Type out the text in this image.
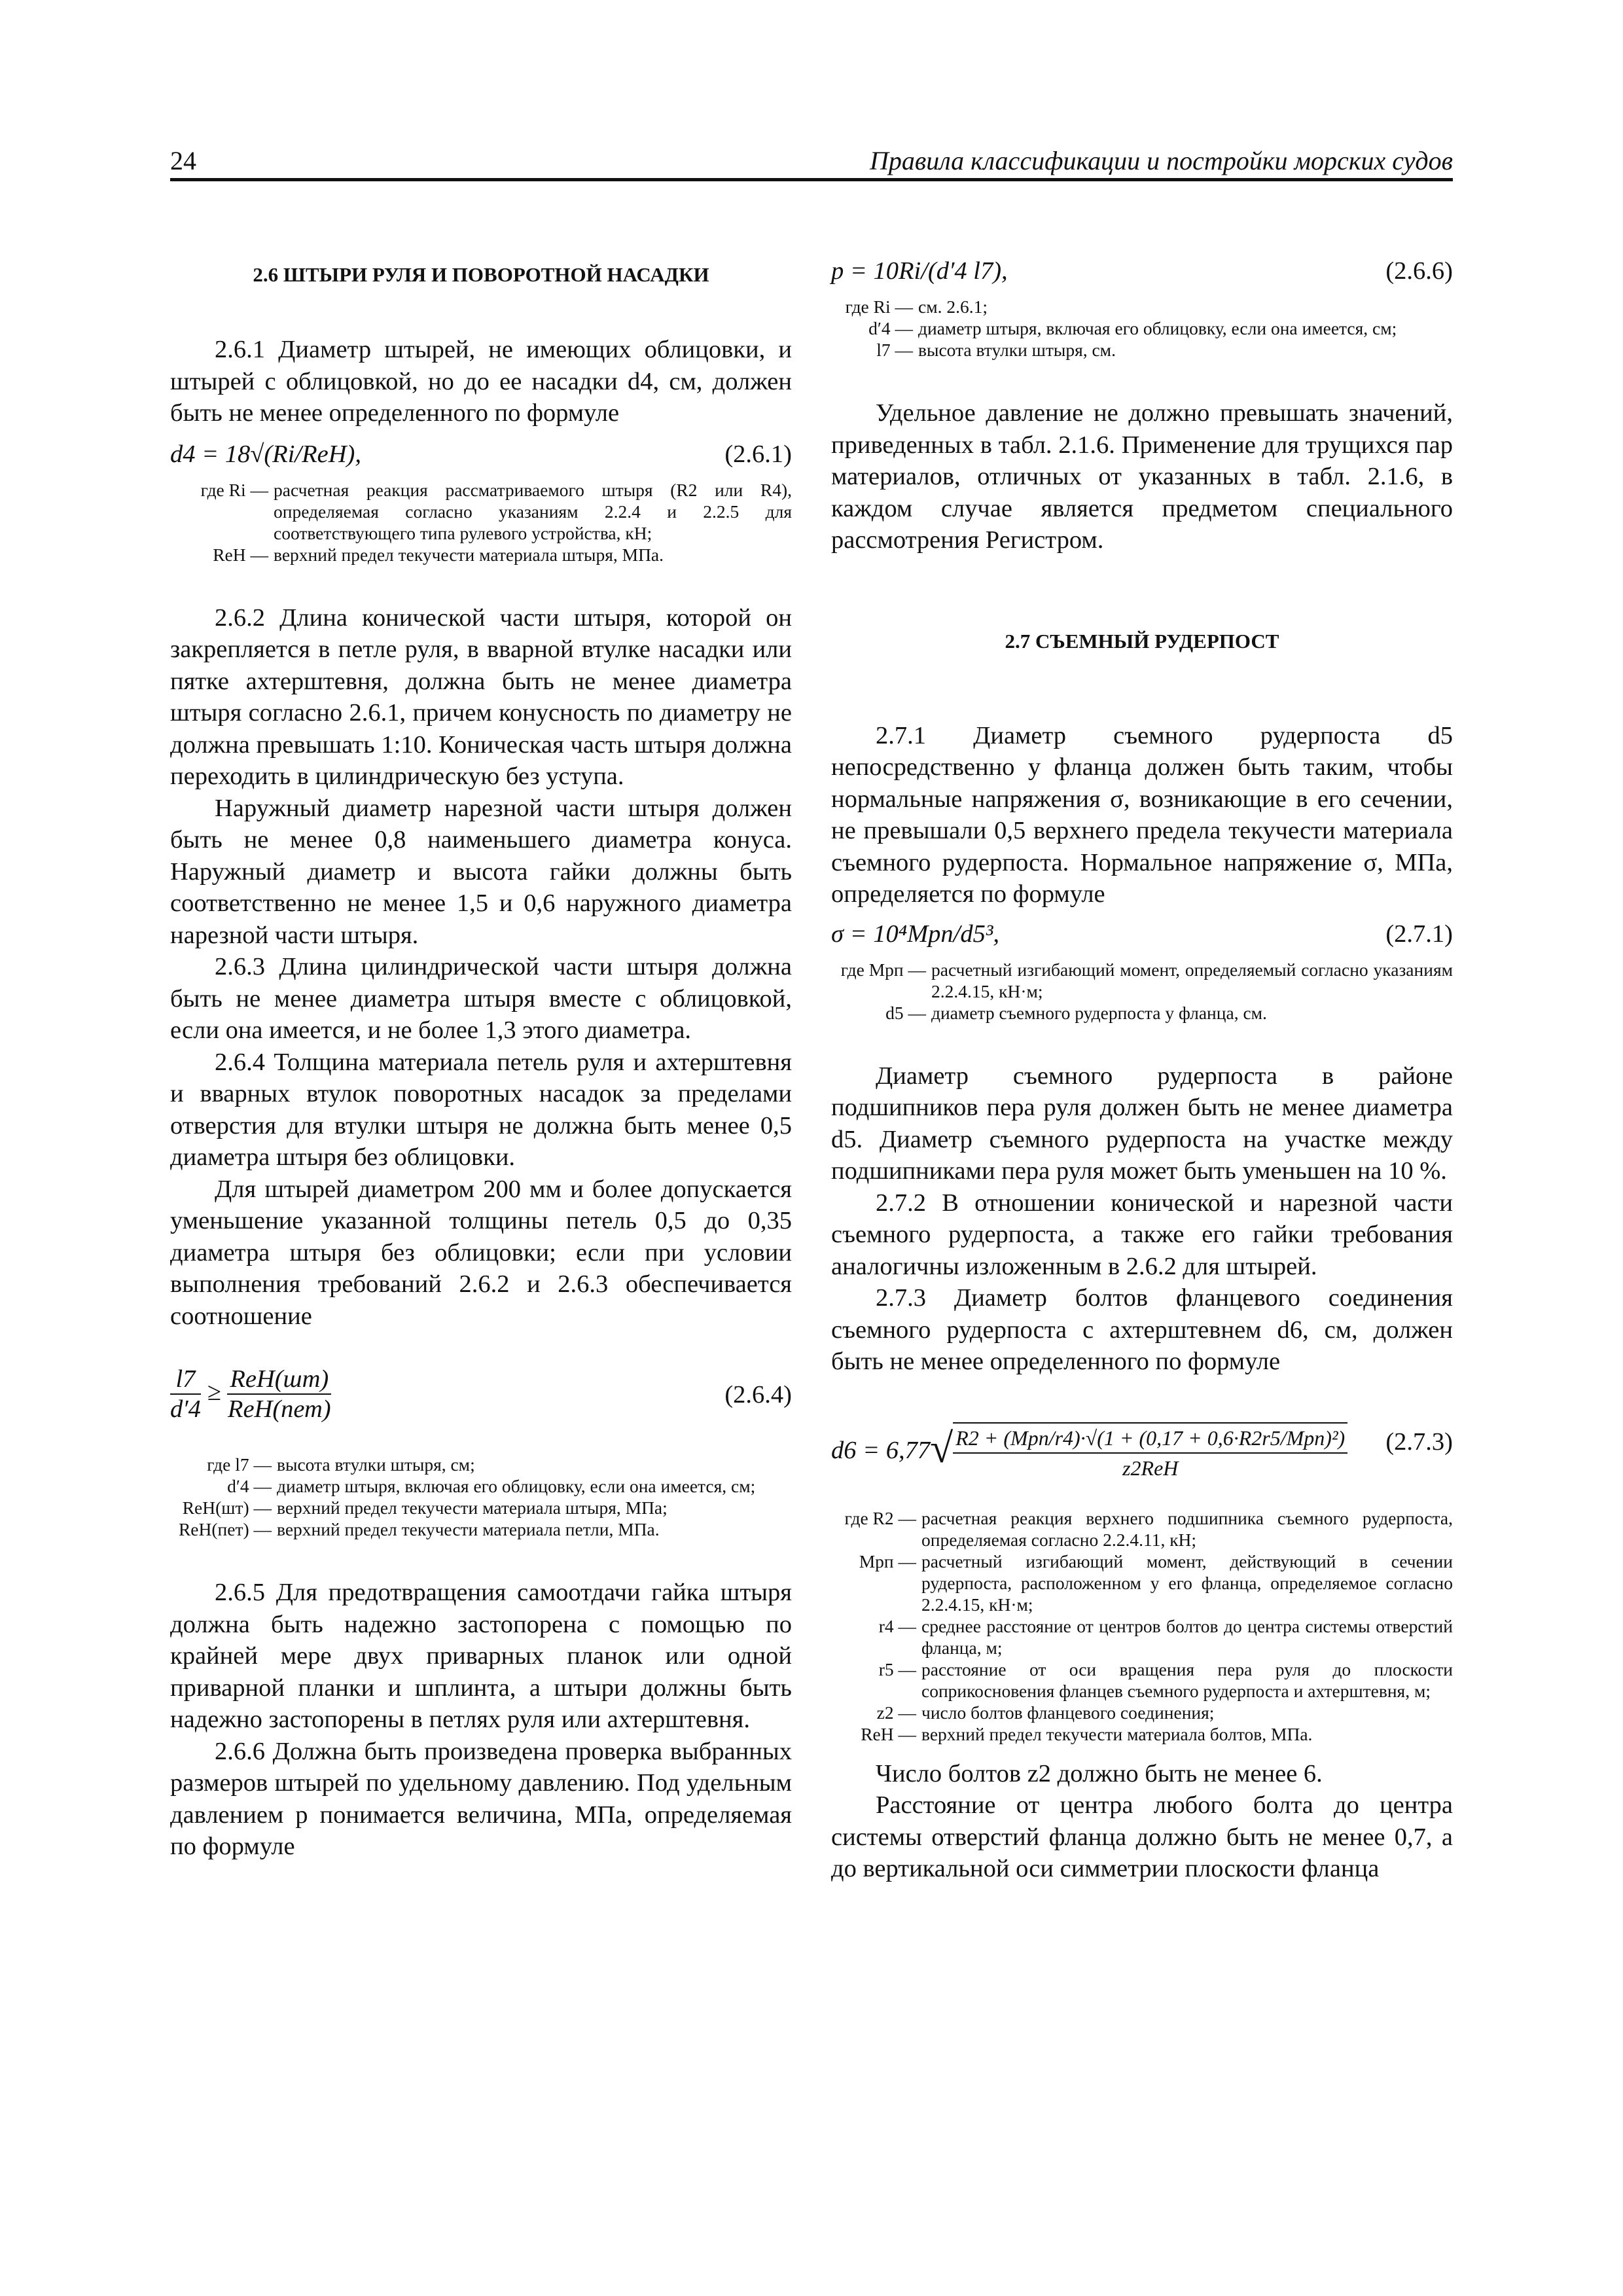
24	Правила классификации и постройки морских судов
2.6 ШТЫРИ РУЛЯ И ПОВОРОТНОЙ НАСАДКИ

2.6.1 Диаметр штырей, не имеющих облицовки, и штырей с облицовкой, но до ее насадки d4, см, должен быть не менее определенного по формуле

d4 = 18√(Ri/ReH),	(2.6.1)
где Ri — расчетная реакция рассматриваемого штыря (R2 или R4), определяемая согласно указаниям 2.2.4 и 2.2.5 для соответствующего типа рулевого устройства, кН;
ReH — верхний предел текучести материала штыря, МПа.

2.6.2 Длина конической части штыря, которой он закрепляется в петле руля, в вварной втулке насадки или пятке ахтерштевня, должна быть не менее диаметра штыря согласно 2.6.1, причем конусность по диаметру не должна превышать 1:10. Коническая часть штыря должна переходить в цилиндрическую без уступа.

Наружный диаметр нарезной части штыря должен быть не менее 0,8 наименьшего диаметра конуса. Наружный диаметр и высота гайки должны быть соответственно не менее 1,5 и 0,6 наружного диаметра нарезной части штыря.

2.6.3 Длина цилиндрической части штыря должна быть не менее диаметра штыря вместе с облицовкой, если она имеется, и не более 1,3 этого диаметра.

2.6.4 Толщина материала петель руля и ахтерштевня и вварных втулок поворотных насадок за пределами отверстия для втулки штыря не должна быть менее 0,5 диаметра штыря без облицовки.

Для штырей диаметром 200 мм и более допускается уменьшение указанной толщины петель 0,5 до 0,35 диаметра штыря без облицовки; если при условии выполнения требований 2.6.2 и 2.6.3 обеспечивается соотношение

$\frac{l7}{d'4} \ge \frac{\text{ReH(шт)}}{\text{ReH(пет)}}$	(2.6.4)
где l7 — высота втулки штыря, см;
d′4 — диаметр штыря, включая его облицовку, если она имеется, см;
ReH(шт) — верхний предел текучести материала штыря, МПа;
ReH(пет) — верхний предел текучести материала петли, МПа.

2.6.5 Для предотвращения самоотдачи гайка штыря должна быть надежно застопорена с помощью по крайней мере двух приварных планок или одной приварной планки и шплинта, а штыри должны быть надежно застопорены в петлях руля или ахтерштевня.

2.6.6 Должна быть произведена проверка выбранных размеров штырей по удельному давлению. Под удельным давлением p понимается величина, МПа, определяемая по формуле

p = 10Ri/(d′4 l7),	(2.6.6)
где Ri — см. 2.6.1;
d′4 — диаметр штыря, включая его облицовку, если она имеется, см;
l7 — высота втулки штыря, см.

Удельное давление не должно превышать значений, приведенных в табл. 2.1.6. Применение для трущихся пар материалов, отличных от указанных в табл. 2.1.6, в каждом случае является предметом специального рассмотрения Регистром.

2.7 СЪЕМНЫЙ РУДЕРПОСТ

2.7.1 Диаметр съемного рудерпоста d5 непосредственно у фланца должен быть таким, чтобы нормальные напряжения σ, возникающие в его сечении, не превышали 0,5 верхнего предела текучести материала съемного рудерпоста. Нормальное напряжение σ, МПа, определяется по формуле

σ = 10⁴Mрп/d5³,	(2.7.1)
где Mрп — расчетный изгибающий момент, определяемый согласно указаниям 2.2.4.15, кН·м;
d5 — диаметр съемного рудерпоста у фланца, см.

Диаметр съемного рудерпоста в районе подшипников пера руля должен быть не менее диаметра d5. Диаметр съемного рудерпоста на участке между подшипниками пера руля может быть уменьшен на 10 %.

2.7.2 В отношении конической и нарезной части съемного рудерпоста, а также его гайки требования аналогичны изложенным в 2.6.2 для штырей.

2.7.3 Диаметр болтов фланцевого соединения съемного рудерпоста с ахтерштевнем d6, см, должен быть не менее определенного по формуле

$d6 = 6,77√ \frac{\text{R2 + (Mрп/r4)·√(1 + (0,17 + 0,6·R2r5/Mрп)²)}}{\text{z2ReH}} (2.7.3)$
где R2 — расчетная реакция верхнего подшипника съемного рудерпоста, определяемая согласно 2.2.4.11, кН;
Mрп — расчетный изгибающий момент, действующий в сечении рудерпоста, расположенном у его фланца, определяемое согласно 2.2.4.15, кН·м;
r4 — среднее расстояние от центров болтов до центра системы отверстий фланца, м;
r5 — расстояние от оси вращения пера руля до плоскости соприкосновения фланцев съемного рудерпоста и ахтерштевня, м;
z2 — число болтов фланцевого соединения;
ReH — верхний предел текучести материала болтов, МПа.

Число болтов z2 должно быть не менее 6.

Расстояние от центра любого болта до центра системы отверстий фланца должно быть не менее 0,7, а до вертикальной оси симметрии плоскости фланца
